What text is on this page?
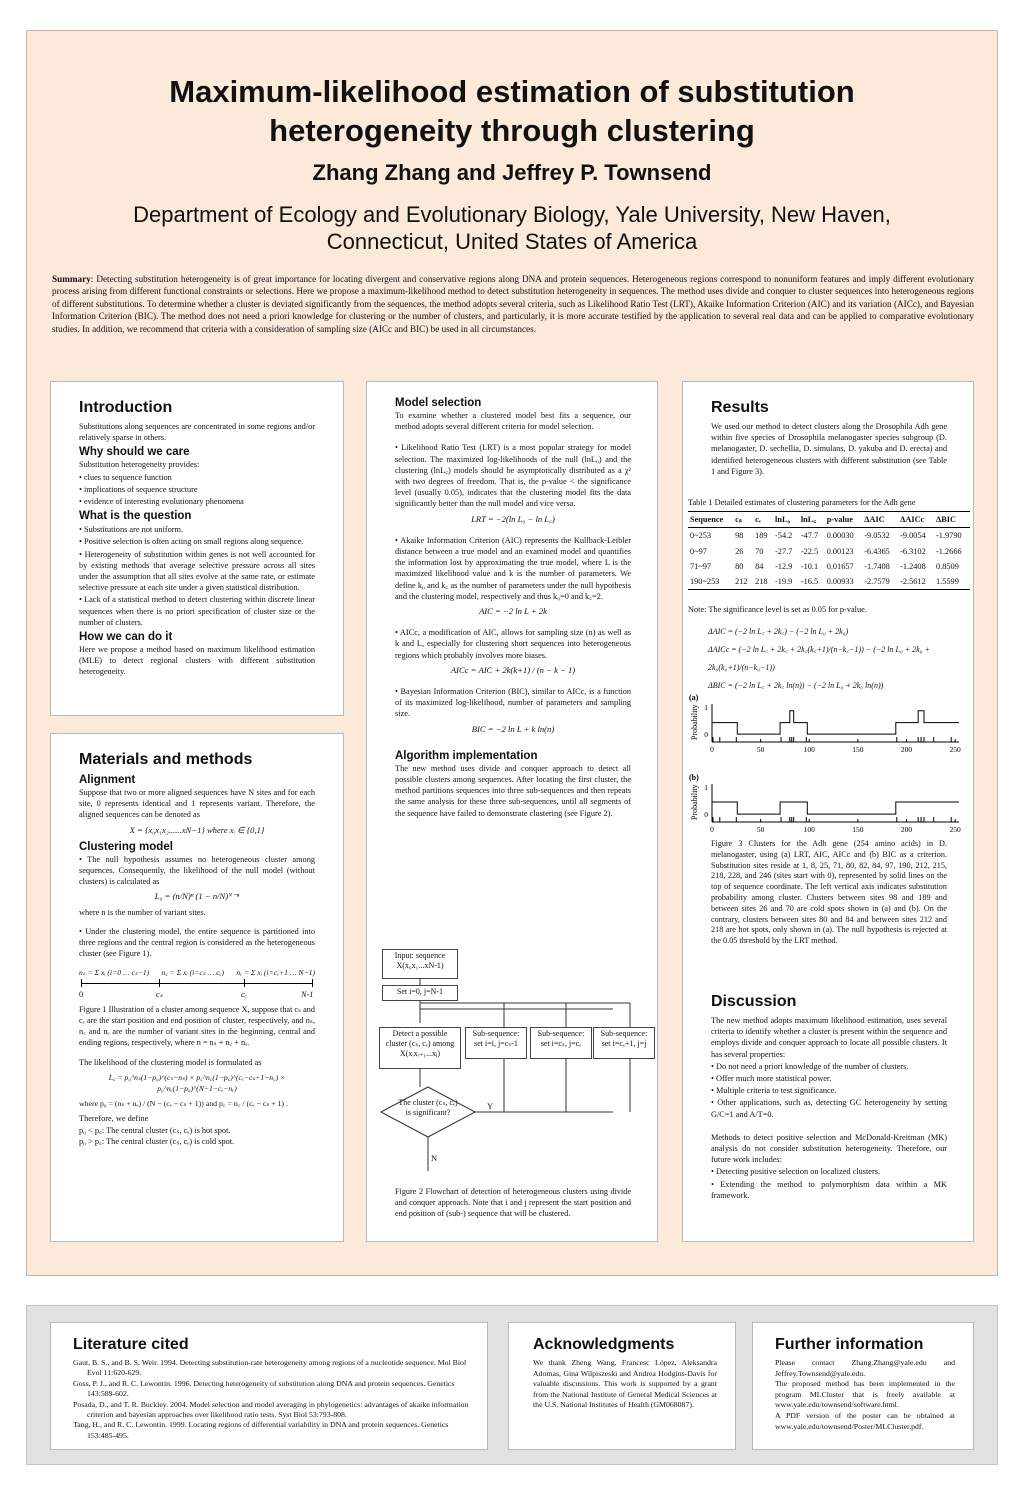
Maximum-likelihood estimation of substitution
heterogeneity through clustering
Zhang Zhang and Jeffrey P. Townsend
Department of Ecology and Evolutionary Biology, Yale University, New Haven,
Connecticut, United States of America
Summary: Detecting substitution heterogeneity is of great importance for locating divergent and conservative regions along DNA and protein sequences. Heterogeneous regions correspond to nonuniform features and imply different evolutionary process arising from different functional constraints or selections. Here we propose a maximum-likelihood method to detect substitution heterogeneity in sequences. The method uses divide and conquer to cluster sequences into heterogeneous regions of different substitutions. To determine whether a cluster is deviated significantly from the sequences, the method adopts several criteria, such as Likelihood Ratio Test (LRT), Akaike Information Criterion (AIC) and its variation (AICc), and Bayesian Information Criterion (BIC). The method does not need a priori knowledge for clustering or the number of clusters, and particularly, it is more accurate testified by the application to several real data and can be applied to comparative evolutionary studies. In addition, we recommend that criteria with a consideration of sampling size (AICc and BIC) be used in all circumstances.
Introduction
Substitutions along sequences are concentrated in some regions and/or relatively sparse in others.
Why should we care
Substitution heterogeneity provides:
• clues to sequence function
• implications of sequence structure
• evidence of interesting evolutionary phenomena
What is the question
• Substitutions are not uniform.
• Positive selection is often acting on small regions along sequence.
• Heterogeneity of substitution within genes is not well accounted for by existing methods that average selective pressure across all sites under the assumption that all sites evolve at the same rate, or estimate selective pressure at each site under a given statistical distribution.
• Lack of a statistical method to detect clustering within discrete linear sequences when there is no priori specification of cluster size or the number of clusters.
How we can do it
Here we propose a method based on maximum likelihood estimation (MLE) to detect regional clusters with different substitution heterogeneity.
Materials and methods
Alignment
Suppose that two or more aligned sequences have N sites and for each site, 0 represents identical and 1 represents variant. Therefore, the aligned sequences can be denoted as
X = {x₀x₁x₂......xN−1} where xᵢ ∈ {0,1}
Clustering model
• The null hypothesis assumes no heterogeneous cluster among sequences. Consequently, the likelihood of the null model (without clusters) is calculated as
L₀ = (n/N)ⁿ (1 − n/N)ᴺ⁻ⁿ
where n is the number of variant sites.
• Under the clustering model, the entire sequence is partitioned into three regions and the central region is considered as the heterogeneous cluster (see Figure 1).
nₛ = Σ xᵢ (i=0 … cₛ−1) n꜀ = Σ xᵢ (i=cₛ … cₑ) nₑ = Σ xᵢ (i=cₑ+1 … N−1)
0	cₛ	cₑ	N-1
Figure 1 Illustration of a cluster among sequence X, suppose that cₛ and cₑ are the start position and end position of cluster, respectively, and nₛ, n꜀ and nₑ are the number of variant sites in the beginning, central and ending regions, respectively, where n = nₛ + n꜀ + nₑ.
The likelihood of the clustering model is formulated as
L꜀ = p₀^nₛ(1−p₀)^(cₛ−nₛ) × p꜀^n꜀(1−p꜀)^(cₑ−cₛ+1−n꜀) × p₀^nₑ(1−p₀)^(N−1−cₑ−nₑ)
where p₀ = (nₛ + nₑ) / (N − (cₑ − cₛ + 1)) and p꜀ = n꜀ / (cₑ − cₛ + 1) .
Therefore, we define
p₀ < p꜀: The central cluster (cₛ, cₑ) is hot spot.
p₀ > p꜀: The central cluster (cₛ, cₑ) is cold spot.
Model selection
To examine whether a clustered model best fits a sequence, our method adopts several different criteria for model selection.
• Likelihood Ratio Test (LRT) is a most popular strategy for model selection. The maximized log-likelihoods of the null (lnL₀) and the clustering (lnL꜀) models should be asymptotically distributed as a χ² with two degrees of freedom. That is, the p-value < the significance level (usually 0.05), indicates that the clustering model fits the data significantly better than the null model and vice versa.
LRT = −2(ln L₀ − ln L꜀)
• Akaike Information Criterion (AIC) represents the Kullback-Leibler distance between a true model and an examined model and quantifies the information lost by approximating the true model, where L is the maximized likelihood value and k is the number of parameters. We define k₀ and k꜀ as the number of parameters under the null hypothesis and the clustering model, respectively and thus k₀=0 and k꜀=2.
AIC = −2 ln L + 2k
• AICc, a modification of AIC, allows for sampling size (n) as well as k and L, especially for clustering short sequences into heterogeneous regions which probably involves more biases.
AICc = AIC + 2k(k+1) / (n − k − 1)
• Bayesian Information Criterion (BIC), similar to AICc, is a function of its maximized log-likelihood, number of parameters and sampling size.
BIC = −2 ln L + k ln(n)
Algorithm implementation
The new method uses divide and conquer approach to detect all possible clusters among sequences. After locating the first cluster, the method partitions sequences into three sub-sequences and then repeats the same analysis for these three sub-sequences, until all segments of the sequence have failed to demonstrate clustering (see Figure 2).
Input: sequence X(x₀x₁...xN-1)
Set i=0, j=N-1
Detect a possible cluster (cₛ, cₑ) among X(xᵢxᵢ₊₁...xⱼ)
Sub-sequence: set i=i, j=cₛ-1
Sub-sequence: set i=cₛ, j=cₑ
Sub-sequence: set i=cₑ+1, j=j
The cluster (cₛ, cₑ) is significant?
Y
N
Figure 2 Flowchart of detection of heterogeneous clusters using divide and conquer approach. Note that i and j represent the start position and end position of (sub-) sequence that will be clustered.
Results
We used our method to detect clusters along the Drosophila Adh gene within five species of Drosophila melanogaster species subgroup (D. melanogaster, D. sechellia, D. simulans, D. yakuba and D. erecta) and identified heterogeneous clusters with different substitution (see Table 1 and Figure 3).
Table 1 Detailed estimates of clustering parameters for the Adh gene
Sequence	cₛ	cₑ	lnL₀	lnL꜀	p-value	ΔAIC	ΔAICc	ΔBIC
0~253	98	189	-54.2	-47.7	0.00030	-9.0532	-9.0054	-1.9790
0~97	26	70	-27.7	-22.5	0.00123	-6.4365	-6.3102	-1.2666
71~97	80	84	-12.9	-10.1	0.01657	-1.7408	-1.2408	0.8509
190~253	212	218	-19.9	-16.5	0.00933	-2.7579	-2.5612	1.5599
Note: The significance level is set as 0.05 for p-value.
ΔAIC = (−2 ln L꜀ + 2k꜀) − (−2 ln L₀ + 2k₀)
ΔAICc = (−2 ln L꜀ + 2k꜀ + 2k꜀(k꜀+1)/(n−k꜀−1)) − (−2 ln L₀ + 2k₀ + 2k₀(k₀+1)/(n−k₀−1))
ΔBIC = (−2 ln L꜀ + 2k꜀ ln(n)) − (−2 ln L₀ + 2k₀ ln(n))
(a)
Probability 0
1
0	50	100	150	200	250
(b)
Probability 0
1
0	50	100	150	200	250
Figure 3 Clusters for the Adh gene (254 amino acids) in D. melanogaster, using (a) LRT, AIC, AICc and (b) BIC as a criterion. Substitution sites reside at 1, 8, 25, 71, 80, 82, 84, 97, 190, 212, 215, 218, 228, and 246 (sites start with 0), represented by solid lines on the top of sequence coordinate. The left vertical axis indicates substitution probability among cluster. Clusters between sites 98 and 189 and between sites 26 and 70 are cold spots shown in (a) and (b). On the contrary, clusters between sites 80 and 84 and between sites 212 and 218 are hot spots, only shown in (a). The null hypothesis is rejected at the 0.05 threshold by the LRT method.
Discussion
The new method adopts maximum likelihood estimation, uses several criteria to identify whether a cluster is present within the sequence and employs divide and conquer approach to locate all possible clusters. It has several properties:
• Do not need a priori knowledge of the number of clusters.
• Offer much more statistical power.
• Multiple criteria to test significance.
• Other applications, such as, detecting GC heterogeneity by setting G/C=1 and A/T=0.
Methods to detect positive selection and McDonald-Kreitman (MK) analysis do not consider substitution heterogeneity. Therefore, our future work includes:
• Detecting positive selection on localized clusters.
• Extending the method to polymorphism data within a MK framework.
Literature cited
Gaut, B. S., and B. S. Weir. 1994. Detecting substitution-rate heterogeneity among regions of a nucleotide sequence. Mol Biol Evol 11:620-629.
Goss, P. J., and R. C. Lewontin. 1996. Detecting heterogeneity of substitution along DNA and protein sequences. Genetics 143:589-602.
Posada, D., and T. R. Buckley. 2004. Model selection and model averaging in phylogenetics: advantages of akaike information criterion and bayesian approaches over likelihood ratio tests. Syst Biol 53:793-808.
Tang, H., and R. C. Lewontin. 1999. Locating regions of differential variability in DNA and protein sequences. Genetics 153:485-495.
Acknowledgments
We thank Zheng Wang, Francesc López, Aleksandra Adomas, Gina Wilpiszeski and Andrea Hodgins-Davis for valuable discussions. This work is supported by a grant from the National Institute of General Medical Sciences at the U.S. National Institutes of Health (GM068087).
Further information
Please contact Zhang.Zhang@yale.edu and Jeffrey.Townsend@yale.edu.
The proposed method has been implemented in the program MLCluster that is freely available at www.yale.edu/townsend/software.html.
A PDF version of the poster can be obtained at www.yale.edu/townsend/Poster/MLCluster.pdf.
